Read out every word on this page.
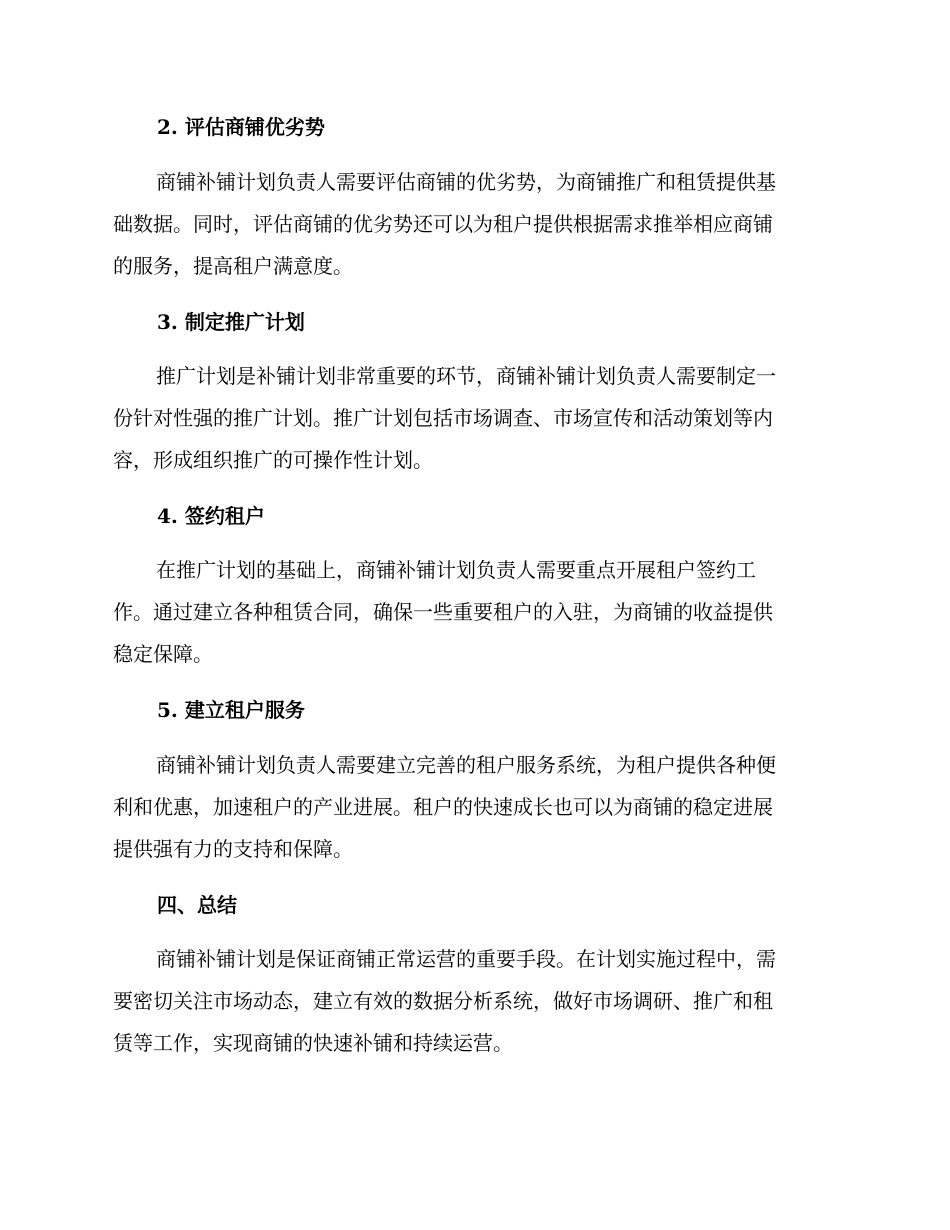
2. 评估商铺优劣势
商铺补铺计划负责人需要评估商铺的优劣势，为商铺推广和租赁提供基
础数据。同时，评估商铺的优劣势还可以为租户提供根据需求推举相应商铺
的服务，提高租户满意度。
3. 制定推广计划
推广计划是补铺计划非常重要的环节，商铺补铺计划负责人需要制定一
份针对性强的推广计划。推广计划包括市场调查、市场宣传和活动策划等内
容，形成组织推广的可操作性计划。
4. 签约租户
在推广计划的基础上，商铺补铺计划负责人需要重点开展租户签约工
作。通过建立各种租赁合同，确保一些重要租户的入驻，为商铺的收益提供
稳定保障。
5. 建立租户服务
商铺补铺计划负责人需要建立完善的租户服务系统，为租户提供各种便
利和优惠，加速租户的产业进展。租户的快速成长也可以为商铺的稳定进展
提供强有力的支持和保障。
四、总结
商铺补铺计划是保证商铺正常运营的重要手段。在计划实施过程中，需
要密切关注市场动态，建立有效的数据分析系统，做好市场调研、推广和租
赁等工作，实现商铺的快速补铺和持续运营。
